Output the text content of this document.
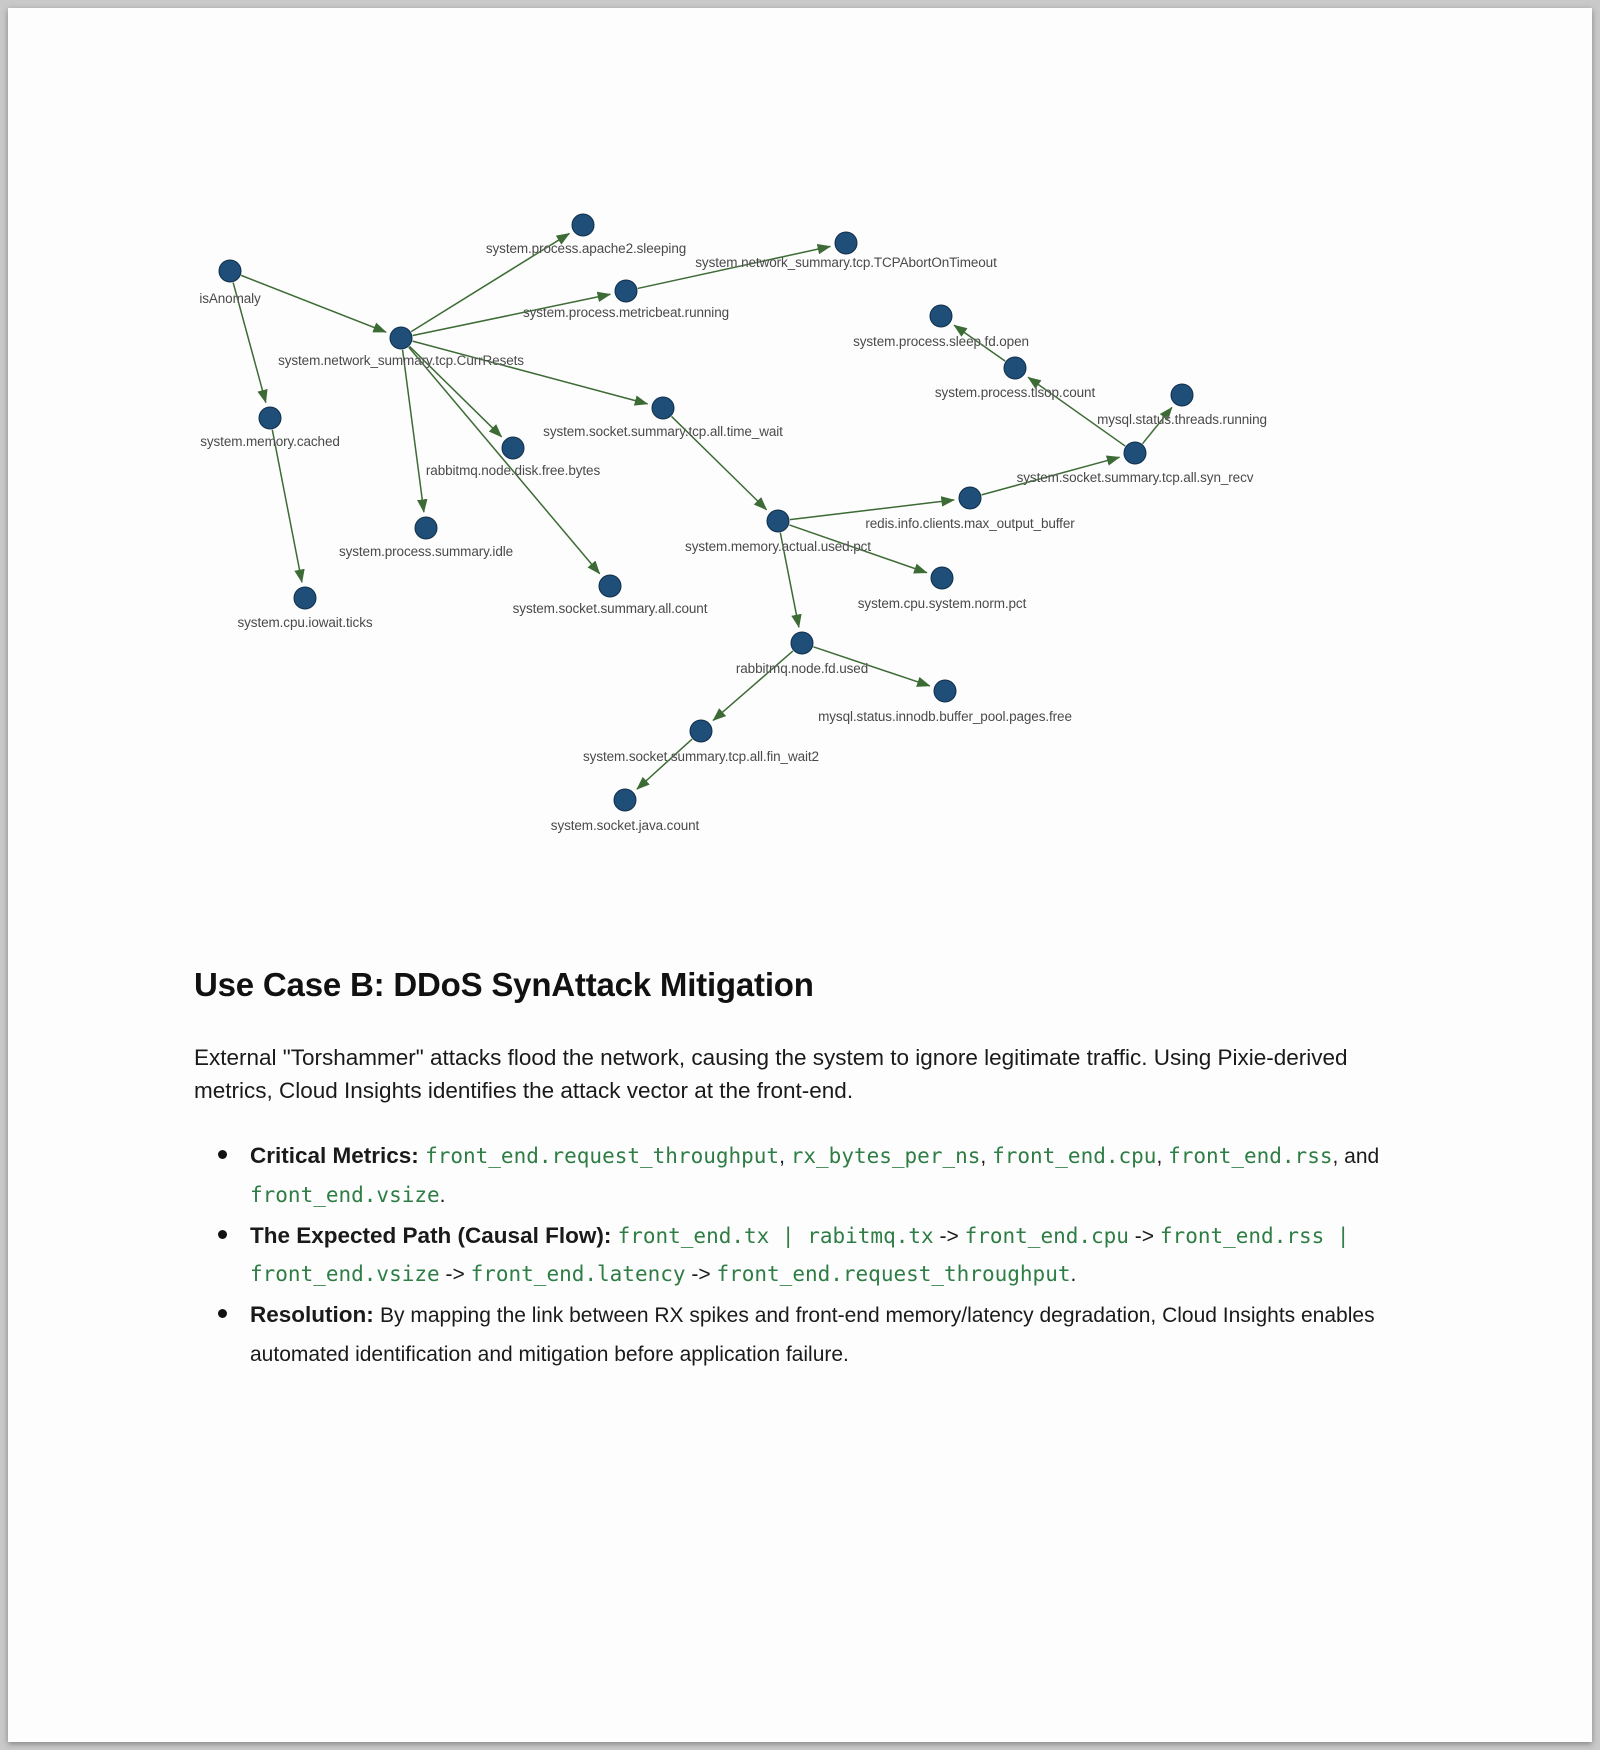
isAnomaly
system.network_summary.tcp.CurrResets
system.process.apache2.sleeping
system.process.metricbeat.running
system.network_summary.tcp.TCPAbortOnTimeout
system.memory.cached
system.process.summary.idle
rabbitmq.node.disk.free.bytes
system.cpu.iowait.ticks
system.socket.summary.tcp.all.time_wait
system.socket.summary.all.count
system.memory.actual.used.pct
redis.info.clients.max_output_buffer
system.cpu.system.norm.pct
system.socket.summary.tcp.all.syn_recv
system.process.tlsop.count
system.process.sleep.fd.open
mysql.status.threads.running
rabbitmq.node.fd.used
mysql.status.innodb.buffer_pool.pages.free
system.socket.summary.tcp.all.fin_wait2
system.socket.java.count
Use Case B: DDoS SynAttack Mitigation

External "Torshammer" attacks flood the network, causing the system to ignore legitimate traffic. Using Pixie-derived metrics, Cloud Insights identifies the attack vector at the front-end.

Critical Metrics: front_end.request_throughput, rx_bytes_per_ns, front_end.cpu, front_end.rss, and front_end.vsize.
The Expected Path (Causal Flow): front_end.tx | rabitmq.tx -> front_end.cpu -> front_end.rss | front_end.vsize -> front_end.latency -> front_end.request_throughput.
Resolution: By mapping the link between RX spikes and front-end memory/latency degradation, Cloud Insights enables automated identification and mitigation before application failure.
